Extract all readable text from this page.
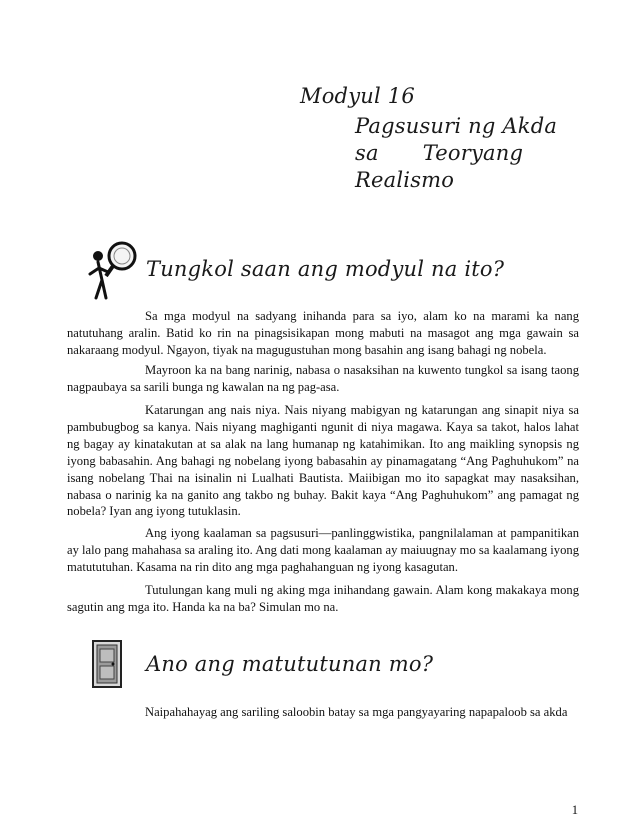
Modyul 16
Pagsusuri ng Akda
sa Teoryang
Realismo
Tungkol saan ang modyul na ito?

Sa mga modyul na sadyang inihanda para sa iyo, alam ko na marami ka nang natutuhang aralin. Batid ko rin na pinagsisikapan mong mabuti na masagot ang mga gawain sa nakaraang modyul. Ngayon, tiyak na magugustuhan mong basahin ang isang bahagi ng nobela.

Mayroon ka na bang narinig, nabasa o nasaksihan na kuwento tungkol sa isang taong nagpaubaya sa sarili bunga ng kawalan na ng pag-asa.

Katarungan ang nais niya. Nais niyang mabigyan ng katarungan ang sinapit niya sa pambubugbog sa kanya. Nais niyang maghiganti ngunit di niya magawa. Kaya sa takot, halos lahat ng bagay ay kinatakutan at sa alak na lang humanap ng katahimikan. Ito ang maikling synopsis ng iyong babasahin. Ang bahagi ng nobelang iyong babasahin ay pinamagatang “Ang Paghuhukom” na isang nobelang Thai na isinalin ni Lualhati Bautista. Maiibigan mo ito sapagkat may nasaksihan, nabasa o narinig ka na ganito ang takbo ng buhay. Bakit kaya “Ang Paghuhukom” ang pamagat ng nobela? Iyan ang iyong tutuklasin.

Ang iyong kaalaman sa pagsusuri—panlinggwistika, pangnilalaman at pampanitikan ay lalo pang mahahasa sa araling ito. Ang dati mong kaalaman ay maiuugnay mo sa kaalamang iyong matututuhan. Kasama na rin dito ang mga paghahanguan ng iyong kasagutan.

Tutulungan kang muli ng aking mga inihandang gawain. Alam kong makakaya mong sagutin ang mga ito. Handa ka na ba? Simulan mo na.

Ano ang matututunan mo?

Naipahahayag ang sariling saloobin batay sa mga pangyayaring napapaloob sa akda

1
